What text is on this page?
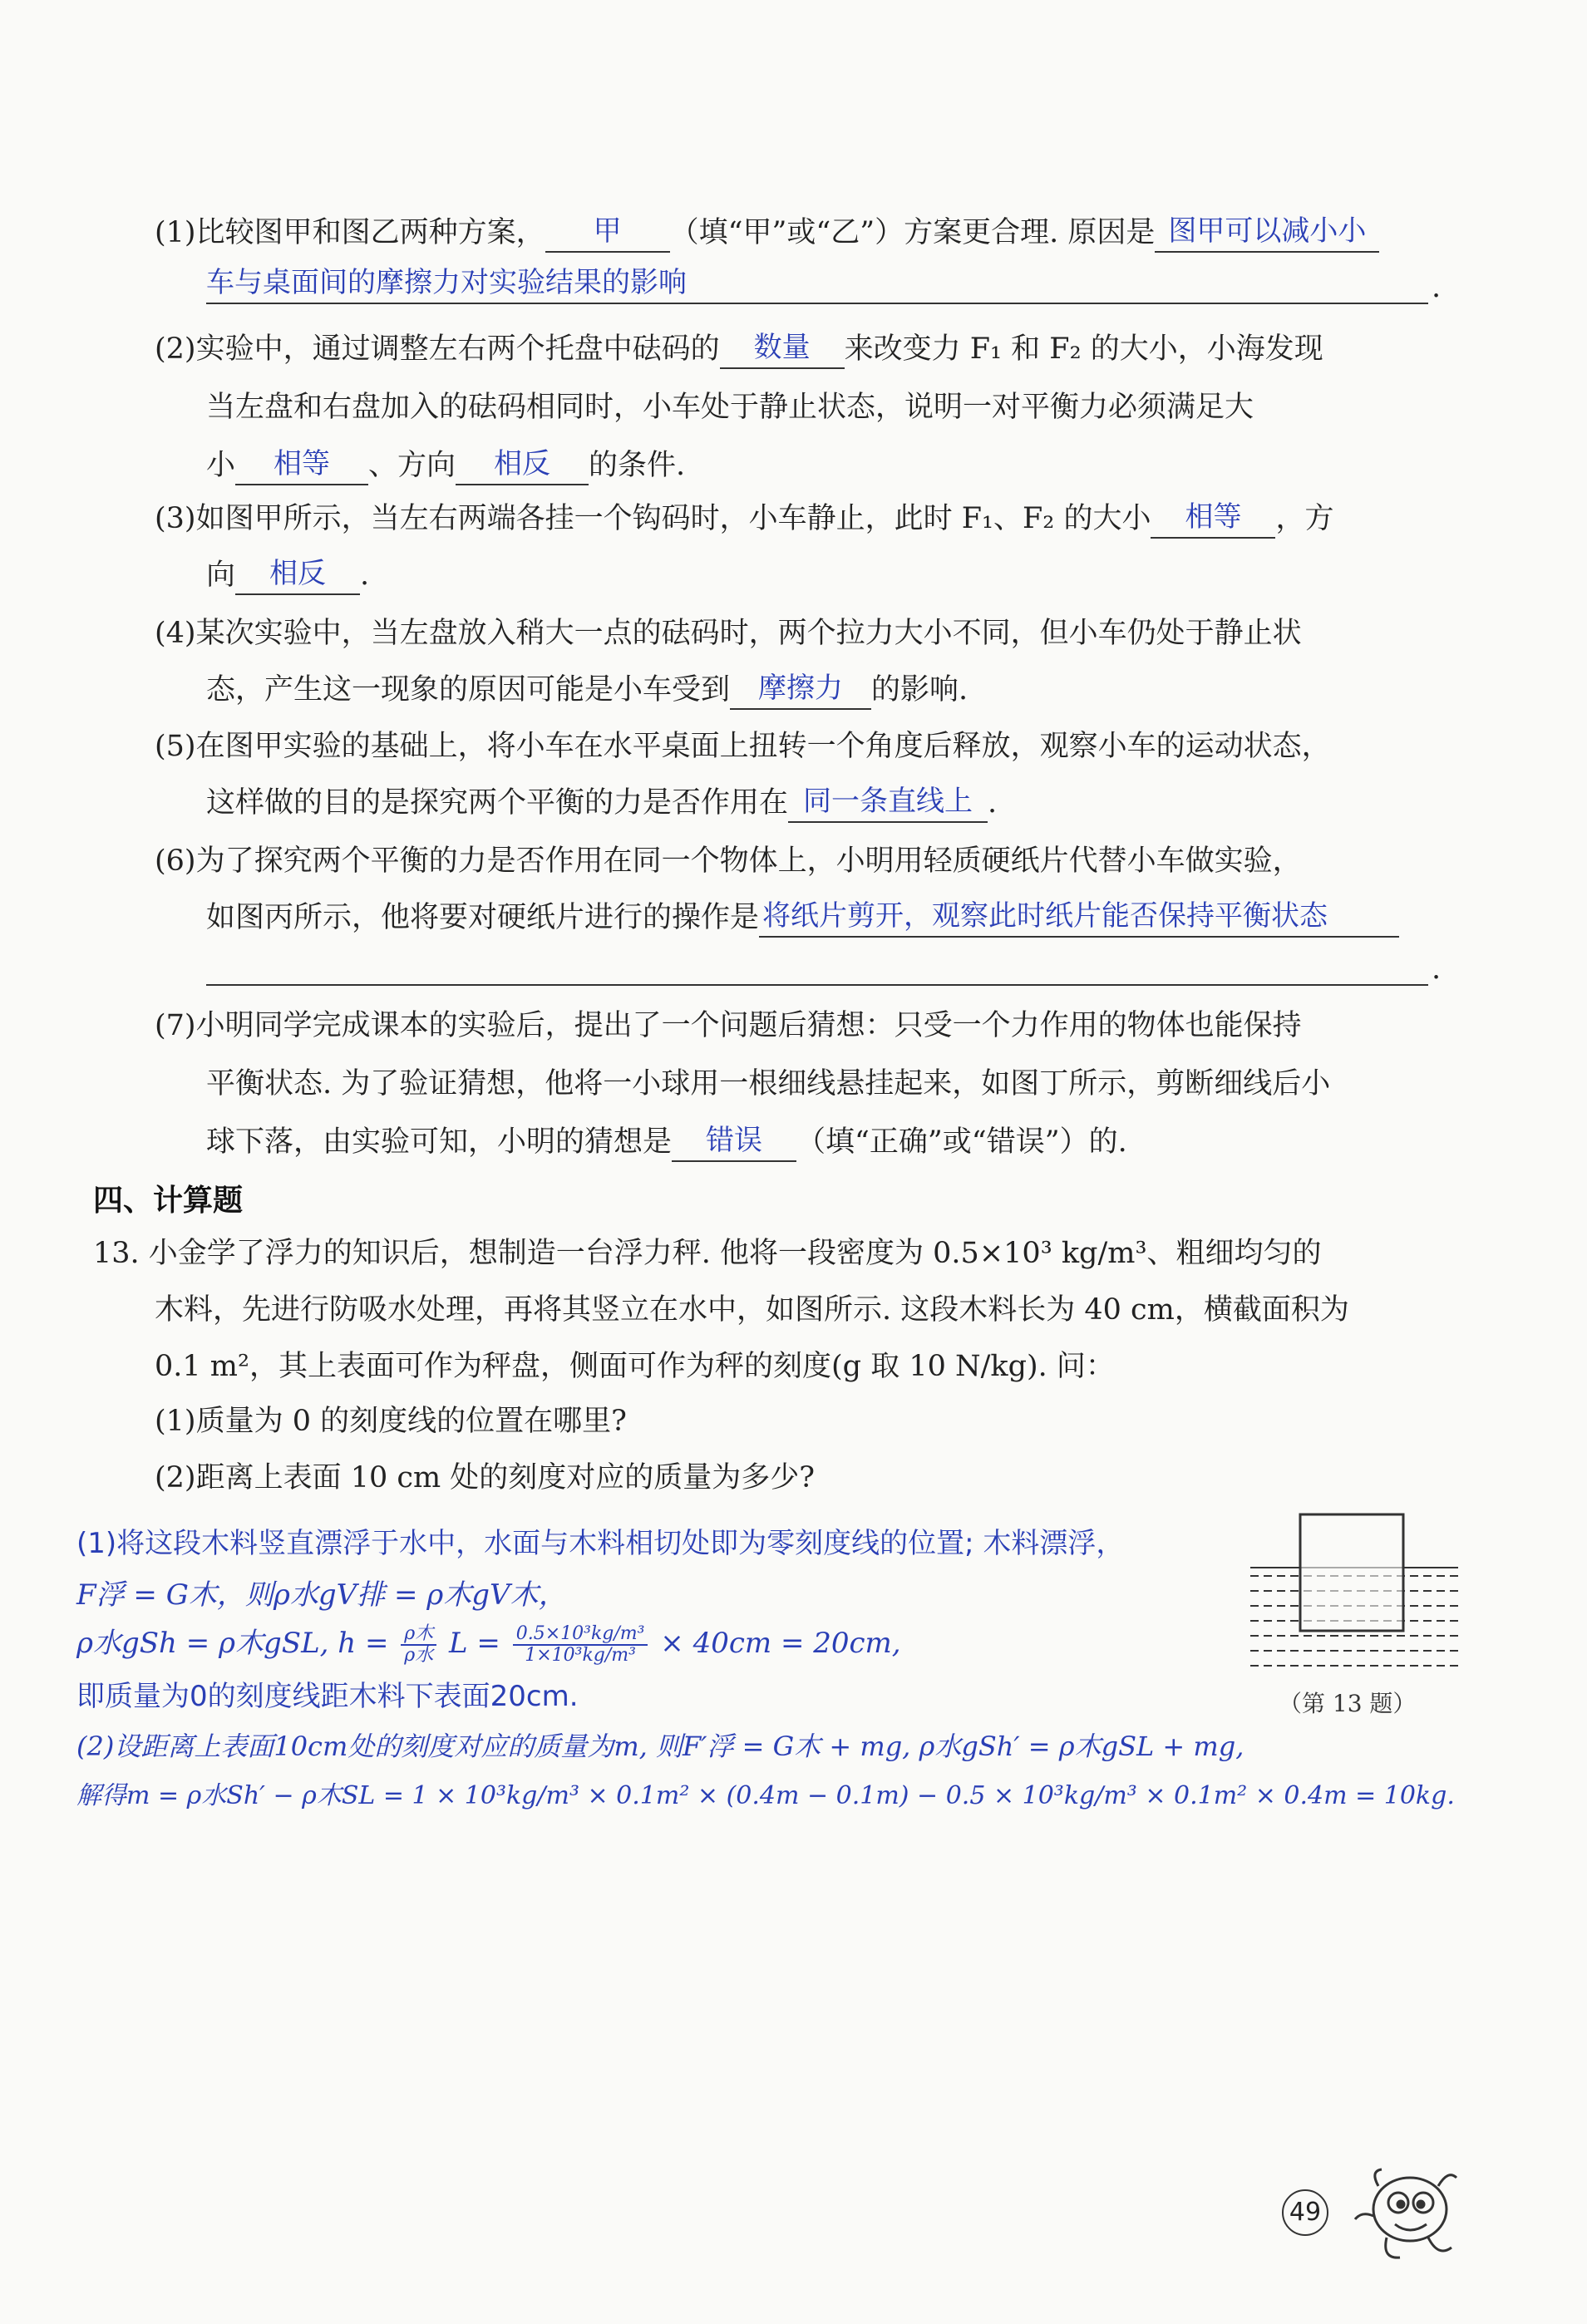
(1)比较图甲和图乙两种方案，	甲	（填“甲”或“乙”）方案更合理. 原因是 图甲可以减小小
车与桌面间的摩擦力对实验结果的影响	.
(2)实验中，通过调整左右两个托盘中砝码的	数量	来改变力 F₁ 和 F₂ 的大小，小海发现
当左盘和右盘加入的砝码相同时，小车处于静止状态，说明一对平衡力必须满足大
小	相等	、方向	相反	的条件.
(3)如图甲所示，当左右两端各挂一个钩码时，小车静止，此时 F₁、F₂ 的大小	相等	，方
向	相反	.
(4)某次实验中，当左盘放入稍大一点的砝码时，两个拉力大小不同，但小车仍处于静止状
态，产生这一现象的原因可能是小车受到	摩擦力 的影响.
(5)在图甲实验的基础上，将小车在水平桌面上扭转一个角度后释放，观察小车的运动状态，
这样做的目的是探究两个平衡的力是否作用在 同一条直线上 .
(6)为了探究两个平衡的力是否作用在同一个物体上，小明用轻质硬纸片代替小车做实验，
如图丙所示，他将要对硬纸片进行的操作是 将纸片剪开，观察此时纸片能否保持平衡状态
.
(7)小明同学完成课本的实验后，提出了一个问题后猜想：只受一个力作用的物体也能保持
平衡状态. 为了验证猜想，他将一小球用一根细线悬挂起来，如图丁所示，剪断细线后小
球下落，由实验可知，小明的猜想是	错误	（填“正确”或“错误”）的.
四、计算题
13. 小金学了浮力的知识后，想制造一台浮力秤. 他将一段密度为 0.5×10³ kg/m³、粗细均匀的
木料，先进行防吸水处理，再将其竖立在水中，如图所示. 这段木料长为 40 cm，横截面积为
0.1 m²，其上表面可作为秤盘，侧面可作为秤的刻度(g 取 10 N/kg). 问：
(1)质量为 0 的刻度线的位置在哪里?
(2)距离上表面 10 cm 处的刻度对应的质量为多少?
（第 13 题）
(1)将这段木料竖直漂浮于水中，水面与木料相切处即为零刻度线的位置; 木料漂浮，
F浮 = G木，则ρ水gV排 = ρ木gV木，
ρ水gSh = ρ木gSL, $h = \frac{\text{ρ木}}{\text{ρ水}}$ $L = \frac{\text{0.5×10³kg/m³}}{\text{1×10³kg/m³}} \times 40cm = 20cm$,
即质量为0的刻度线距木料下表面20cm.
(2)设距离上表面10cm处的刻度对应的质量为m, 则F′浮 = G木 + mg, ρ水gSh′ = ρ木gSL + mg,
解得m = ρ水Sh′ − ρ木SL = 1 × 10³kg/m³ × 0.1m² × (0.4m − 0.1m) − 0.5 × 10³kg/m³ × 0.1m² × 0.4m = 10kg.
49
